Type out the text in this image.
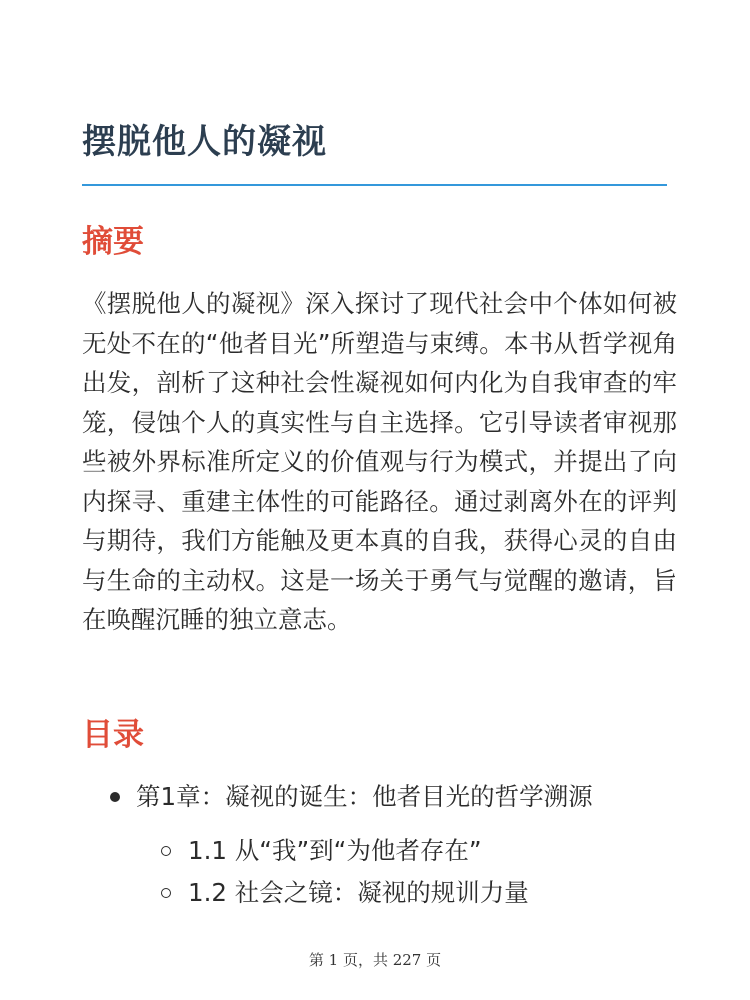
摆脱他人的凝视
摘要

《摆脱他人的凝视》深入探讨了现代社会中个体如何被无处不在的“他者目光”所塑造与束缚。本书从哲学视角出发，剖析了这种社会性凝视如何内化为自我审查的牢笼，侵蚀个人的真实性与自主选择。它引导读者审视那些被外界标准所定义的价值观与行为模式，并提出了向内探寻、重建主体性的可能路径。通过剥离外在的评判与期待，我们方能触及更本真的自我，获得心灵的自由与生命的主动权。这是一场关于勇气与觉醒的邀请，旨在唤醒沉睡的独立意志。

目录
第1章：凝视的诞生：他者目光的哲学溯源
1.1 从“我”到“为他者存在”
1.2 社会之镜：凝视的规训力量
第 1 页，共 227 页
